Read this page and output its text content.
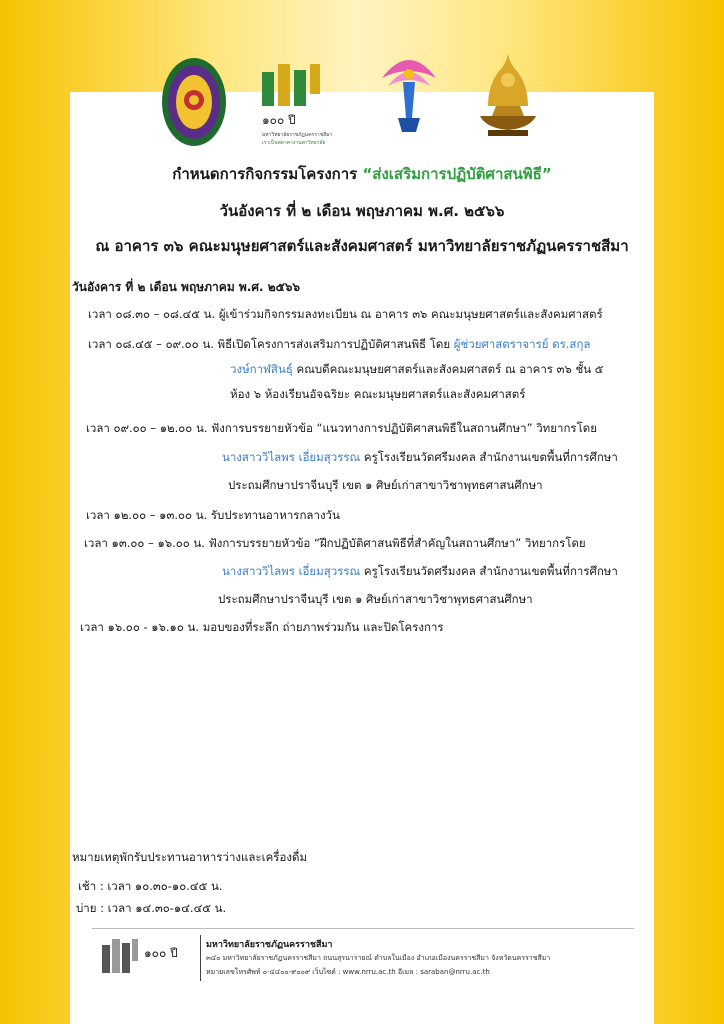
๑๐๐ ปี
มหาวิทยาลัยราชภัฏนครราชสีมา
เราเป็นพลาคางานพาวิทยาลัย

กำหนดการกิจกรรมโครงการ “ส่งเสริมการปฏิบัติศาสนพิธี”

วันอังคาร ที่ ๒ เดือน พฤษภาคม พ.ศ. ๒๕๖๖

ณ อาคาร ๓๖ คณะมนุษยศาสตร์และสังคมศาสตร์ มหาวิทยาลัยราชภัฏนครราชสีมา

วันอังคาร ที่ ๒ เดือน พฤษภาคม พ.ศ. ๒๕๖๖
เวลา ๐๘.๓๐ – ๐๘.๔๕ น. ผู้เข้าร่วมกิจกรรมลงทะเบียน ณ อาคาร ๓๖ คณะมนุษยศาสตร์และสังคมศาสตร์
เวลา ๐๘.๔๕ – ๐๙.๐๐ น. พิธีเปิดโครงการส่งเสริมการปฏิบัติศาสนพิธี โดย ผู้ช่วยศาสตราจารย์ ดร.สกุล
วงษ์กาฬสินธุ์ คณบดีคณะมนุษยศาสตร์และสังคมศาสตร์ ณ อาคาร ๓๖ ชั้น ๕
ห้อง ๖ ห้องเรียนอัจฉริยะ คณะมนุษยศาสตร์และสังคมศาสตร์
เวลา ๐๙.๐๐ – ๑๒.๐๐ น. ฟังการบรรยายหัวข้อ “แนวทางการปฏิบัติศาสนพิธีในสถานศึกษา” วิทยากรโดย
นางสาววิไลพร เอี่ยมสุวรรณ ครูโรงเรียนวัดศรีมงคล สำนักงานเขตพื้นที่การศึกษา
ประถมศึกษาปราจีนบุรี เขต ๑ ศิษย์เก่าสาขาวิชาพุทธศาสนศึกษา
เวลา ๑๒.๐๐ – ๑๓.๐๐ น. รับประทานอาหารกลางวัน
เวลา ๑๓.๐๐ – ๑๖.๐๐ น. ฟังการบรรยายหัวข้อ “ฝึกปฏิบัติศาสนพิธีที่สำคัญในสถานศึกษา” วิทยากรโดย
นางสาววิไลพร เอี่ยมสุวรรณ ครูโรงเรียนวัดศรีมงคล สำนักงานเขตพื้นที่การศึกษา
ประถมศึกษาปราจีนบุรี เขต ๑ ศิษย์เก่าสาขาวิชาพุทธศาสนศึกษา
เวลา ๑๖.๐๐ - ๑๖.๑๐ น. มอบของที่ระลึก ถ่ายภาพร่วมกัน และปิดโครงการ
หมายเหตุพักรับประทานอาหารว่างและเครื่องดื่ม
เช้า : เวลา ๑๐.๓๐-๑๐.๔๕ น.
บ่าย : เวลา ๑๔.๓๐-๑๔.๔๕ น.
๑๐๐ ปี
มหาวิทยาลัยราชภัฏนครราชสีมา
๓๔๐ มหาวิทยาลัยราชภัฏนครราชสีมา ถนนสุรนารายณ์ ตำบลในเมือง อำเภอเมืองนครราชสีมา จังหวัดนครราชสีมา
หมายเลขโทรศัพท์ ๐-๔๔๐๐-๙๐๐๙ เว็บไซต์ : www.nrru.ac.th อีเมล : saraban@nrru.ac.th
